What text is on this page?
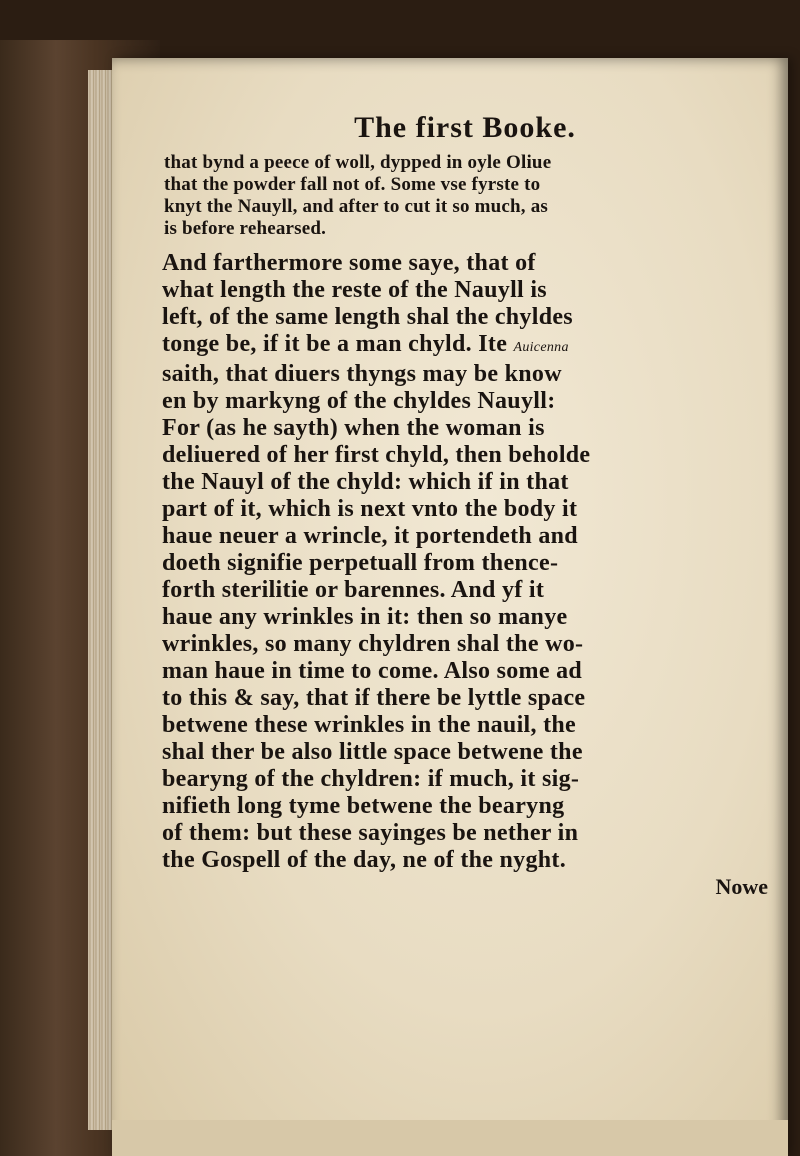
The first Booke.
that bynd a peece of woll, dypped in oyle Oliue
that the powder fall not of. Some vse fyrste to
knyt the Nauyll, and after to cut it so much, as
is before rehearsed.
And farthermore some saye, that of
what length the reste of the Nauyll is
left, of the same length shal the chyldes
tonge be, if it be a man chyld. Ite Auicenna
saith, that diuers thyngs may be know
en by markyng of the chyldes Nauyll:
For (as he sayth) when the woman is
deliuered of her first chyld, then beholde
the Nauyl of the chyld: which if in that
part of it, which is next vnto the body it
haue neuer a wrincle, it portendeth and
doeth signifie perpetuall from thence-
forth sterilitie or barennes. And yf it
haue any wrinkles in it: then so manye
wrinkles, so many chyldren shal the wo-
man haue in time to come. Also some ad
to this & say, that if there be lyttle space
betwene these wrinkles in the nauil, the
shal ther be also little space betwene the
bearyng of the chyldren: if much, it sig-
nifieth long tyme betwene the bearyng
of them: but these sayinges be nether in
the Gospell of the day, ne of the nyght.
Nowe
